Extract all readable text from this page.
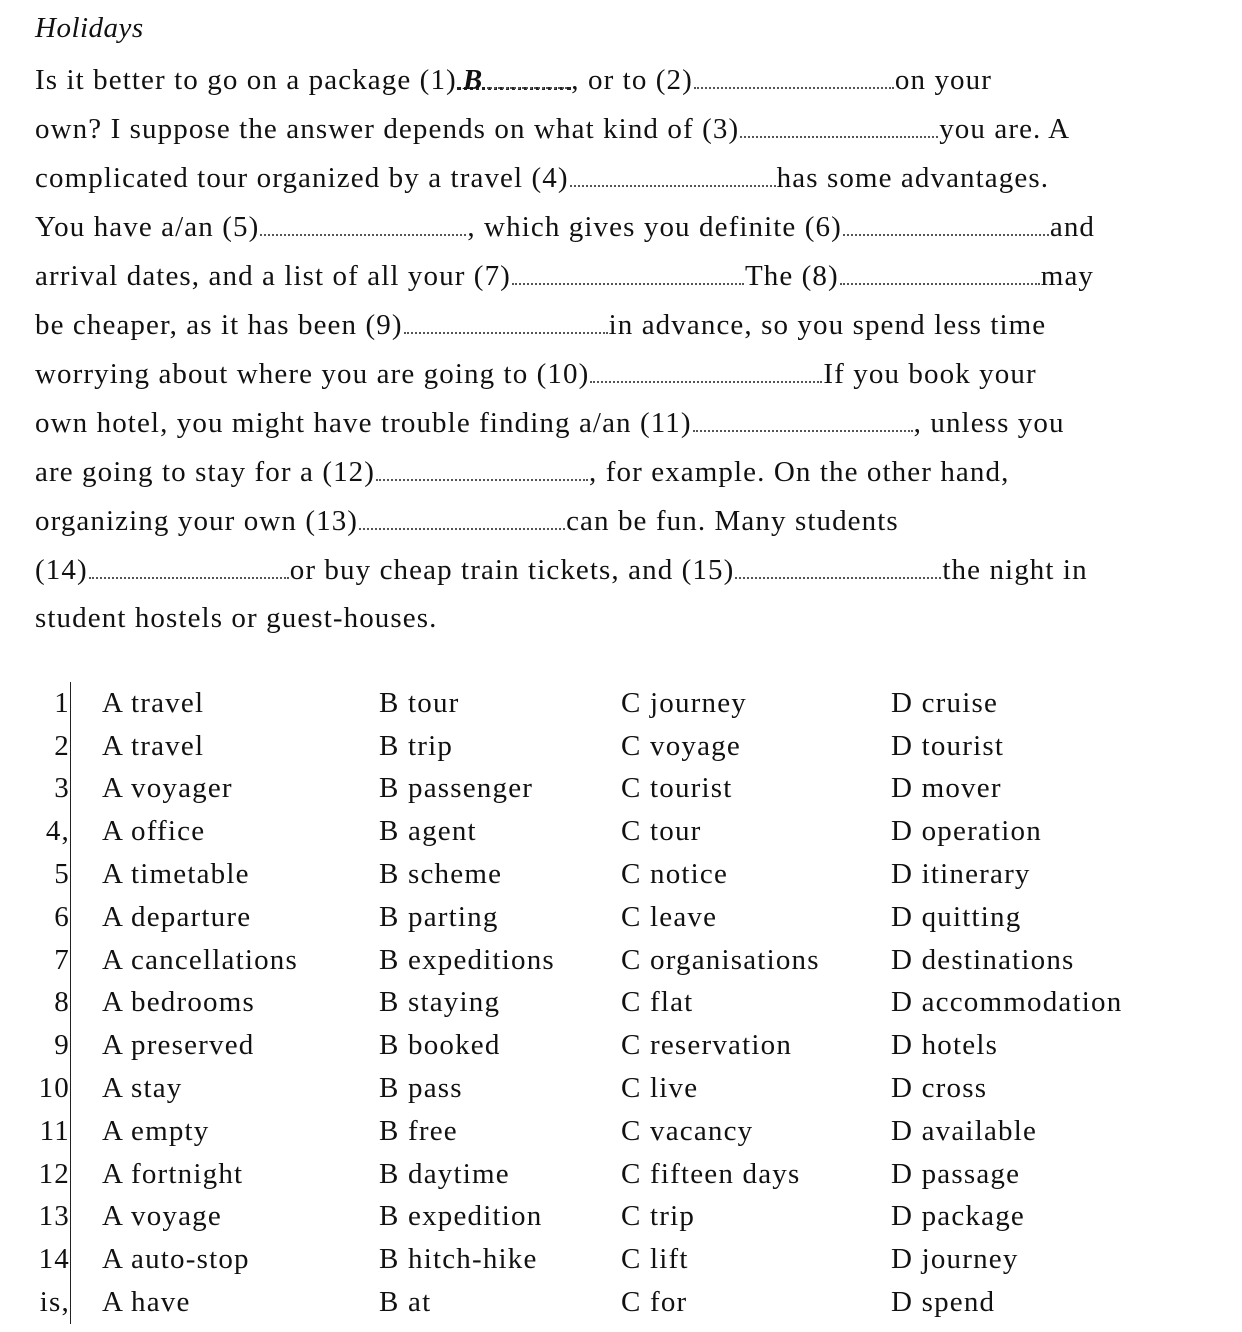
Holidays
Is it better to go on a package (1) B	, or to (2)	on your
own? I suppose the answer depends on what kind of (3)	you are. A
complicated tour organized by a travel (4)	has some advantages.
You have a/an (5)	, which gives you definite (6)	and
arrival dates, and a list of all your (7)	The (8)	may
be cheaper, as it has been (9)	in advance, so you spend less time
worrying about where you are going to (10)	If you book your
own hotel, you might have trouble finding a/an (11)	, unless you
are going to stay for a (12)	, for example. On the other hand,
organizing your own (13)	can be fun. Many students
(14)	or buy cheap train tickets, and (15)	the night in
student hostels or guest-houses.
1	A travel	B tour	C journey	D cruise
2	A travel	B trip	C voyage	D tourist
3	A voyager	B passenger	C tourist	D mover
4,	A office	B agent	C tour	D operation
5	A timetable	B scheme	C notice	D itinerary
6	A departure	B parting	C leave	D quitting
7	A cancellations	B expeditions	C organisations	D destinations
8	A bedrooms	B staying	C flat	D accommodation
9	A preserved	B booked	C reservation	D hotels
10	A stay	B pass	C live	D cross
11	A empty	B free	C vacancy	D available
12	A fortnight	B daytime	C fifteen days	D passage
13	A voyage	B expedition	C trip	D package
14	A auto-stop	B hitch-hike	C lift	D journey
is,	A have	B at	C for	D spend
